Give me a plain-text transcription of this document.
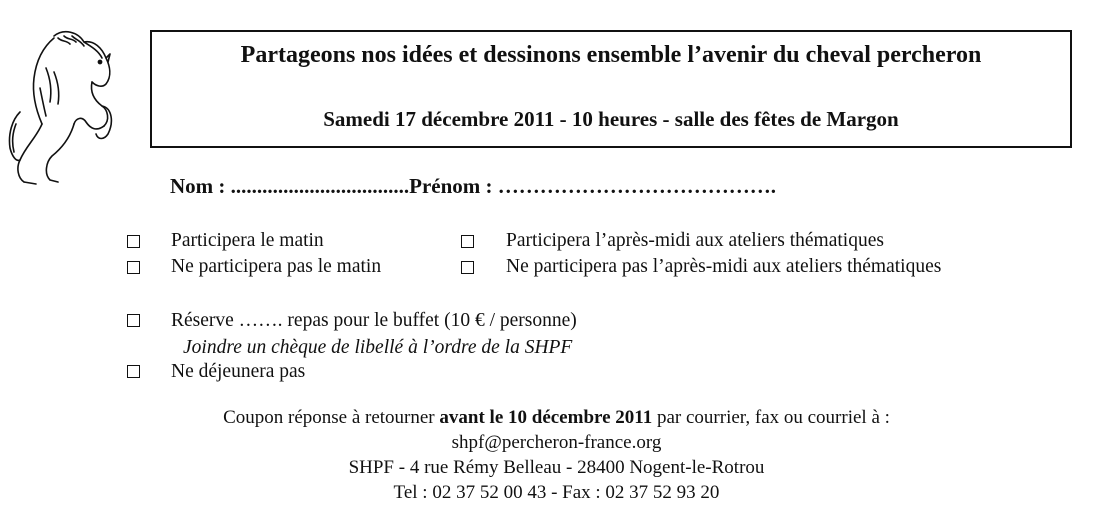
Partageons nos idées et dessinons ensemble l’avenir du cheval percheron
Samedi 17 décembre 2011 - 10 heures - salle des fêtes de Margon
Nom : ..................................Prénom : ………………………………….
Participera le matin
Ne participera pas le matin
Participera l’après-midi aux ateliers thématiques
Ne participera pas l’après-midi aux ateliers thématiques
Réserve ……. repas pour le buffet (10 € / personne)
Joindre un chèque de libellé à l’ordre de la SHPF
Ne déjeunera pas
Coupon réponse à retourner avant le 10 décembre 2011 par courrier, fax ou courriel à :
shpf@percheron-france.org
SHPF - 4 rue Rémy Belleau - 28400 Nogent-le-Rotrou
Tel : 02 37 52 00 43 - Fax : 02 37 52 93 20
